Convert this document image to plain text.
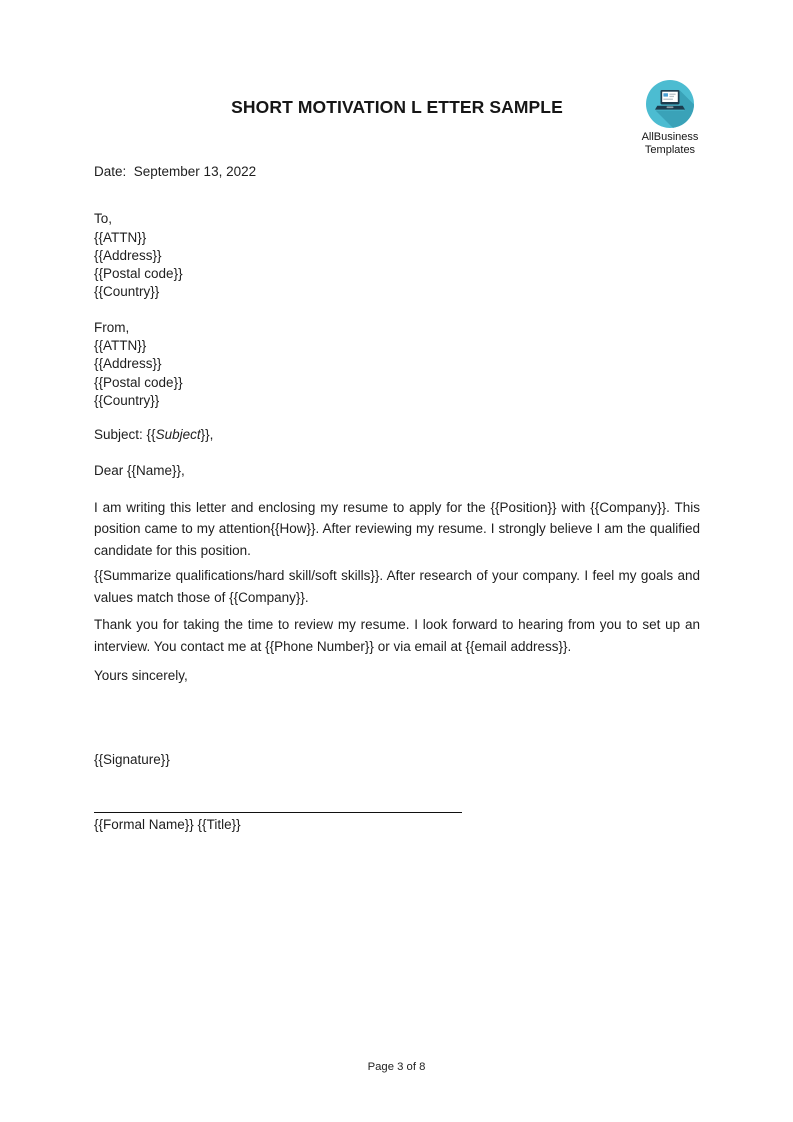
AllBusiness
Templates
SHORT MOTIVATION L ETTER SAMPLE
Date:  September 13, 2022
To,
{{ATTN}}
{{Address}}
{{Postal code}}
{{Country}}
From,
{{ATTN}}
{{Address}}
{{Postal code}}
{{Country}}
Subject: {{Subject}},
Dear {{Name}},
I am writing this letter and enclosing my resume to apply for the {{Position}} with {{Company}}. This position came to my attention{{How}}. After reviewing my resume. I strongly believe I am the qualified candidate for this position.
{{Summarize qualifications/hard skill/soft skills}}. After research of your company. I feel my goals and values match those of {{Company}}.
Thank you for taking the time to review my resume. I look forward to hearing from you to set up an interview. You contact me at {{Phone Number}} or via email at {{email address}}.
Yours sincerely,
{{Signature}}
{{Formal Name}} {{Title}}
Page 3 of 8
